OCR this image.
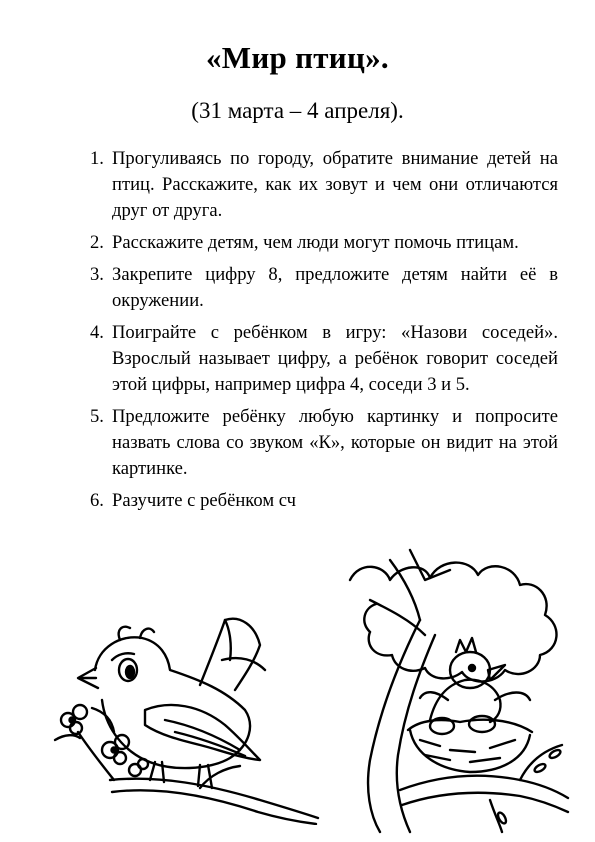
«Мир птиц».
(31 марта – 4 апреля).
1. Прогуливаясь по городу, обратите внимание детей на птиц. Расскажите, как их зовут и чем они отличаются друг от друга.
2. Расскажите детям, чем люди могут помочь птицам.
3. Закрепите цифру 8, предложите детям найти её в окружении.
4. Поиграйте с ребёнком в игру: «Назови соседей». Взрослый называет цифру, а ребёнок говорит соседей этой цифры, например цифра 4, соседи 3 и 5.
5. Предложите ребёнку любую картинку и попросите назвать слова со звуком «К», которые он видит на этой картинке.
6. Разучите с ребёнком сч
